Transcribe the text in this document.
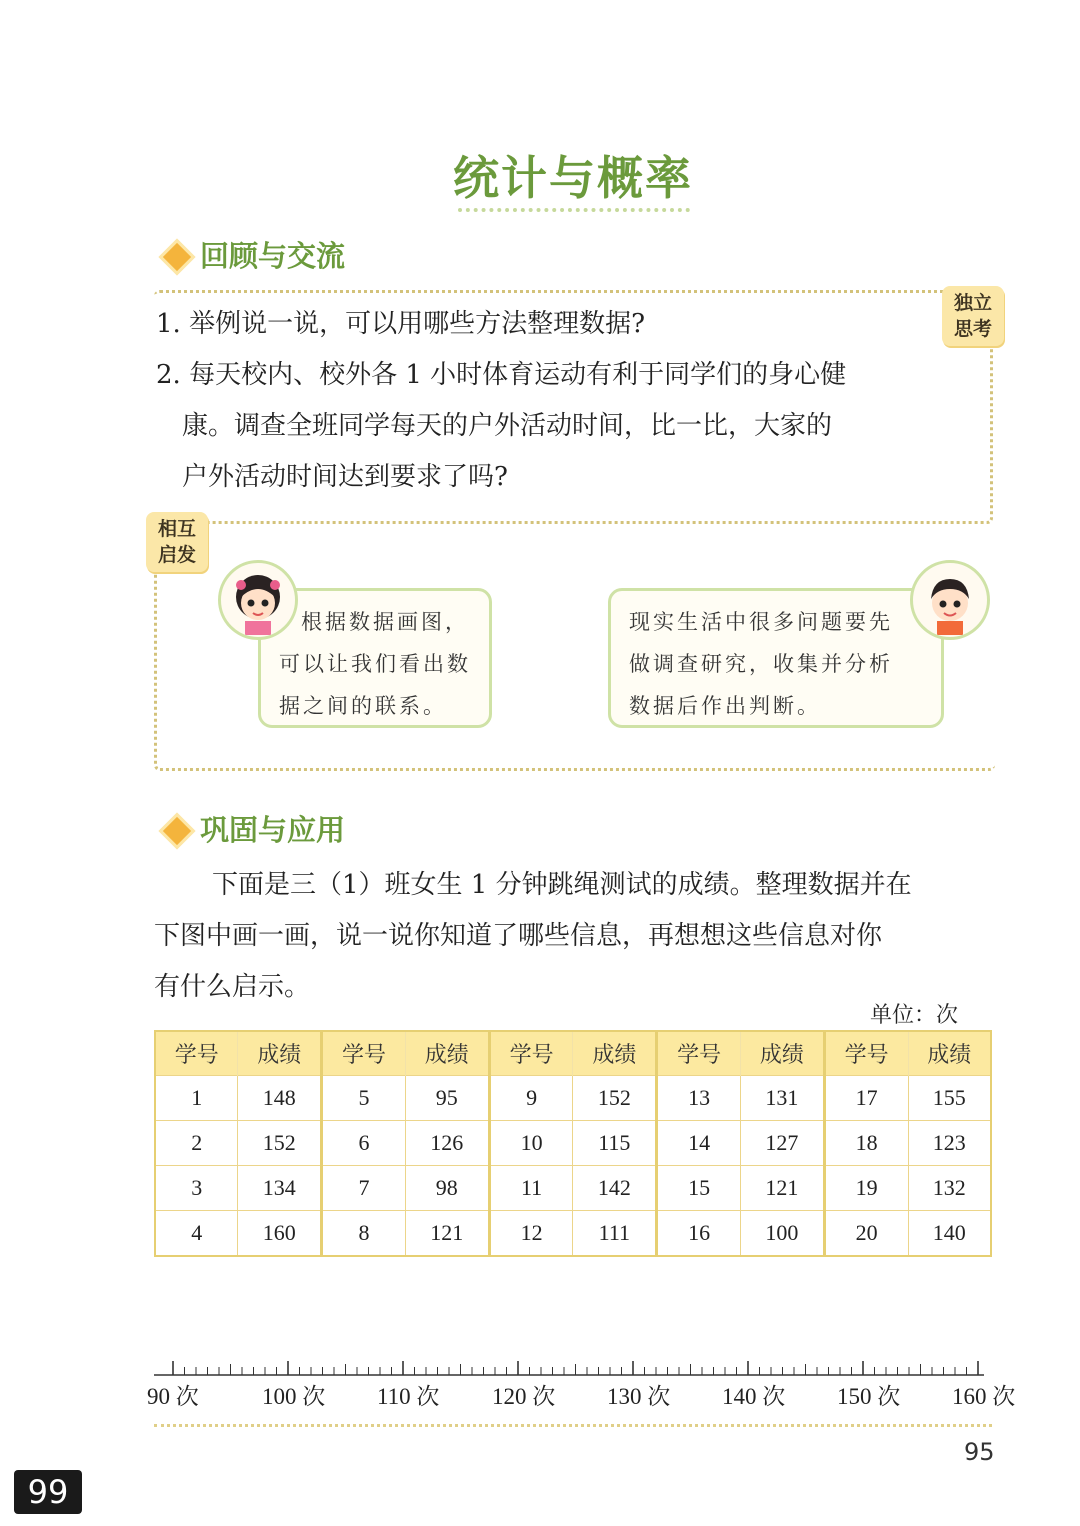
统计与概率
回顾与交流
独立
思考
1. 举例说一说，可以用哪些方法整理数据?
2. 每天校内、校外各 1 小时体育运动有利于同学们的身心健
康。调查全班同学每天的户外活动时间，比一比，大家的
户外活动时间达到要求了吗?
相互
启发
根据数据画图，
可以让我们看出数
据之间的联系。
现实生活中很多问题要先
做调查研究，收集并分析
数据后作出判断。
巩固与应用
下面是三（1）班女生 1 分钟跳绳测试的成绩。整理数据并在
下图中画一画，说一说你知道了哪些信息，再想想这些信息对你
有什么启示。
单位：次
学号	成绩	学号	成绩	学号	成绩	学号	成绩	学号	成绩
1	148	5	95	9	152	13	131	17	155
2	152	6	126	10	115	14	127	18	123
3	134	7	98	11	142	15	121	19	132
4	160	8	121	12	111	16	100	20	140
90 次	100 次 110 次 120 次 130 次 140 次 150 次 160 次
95
99
